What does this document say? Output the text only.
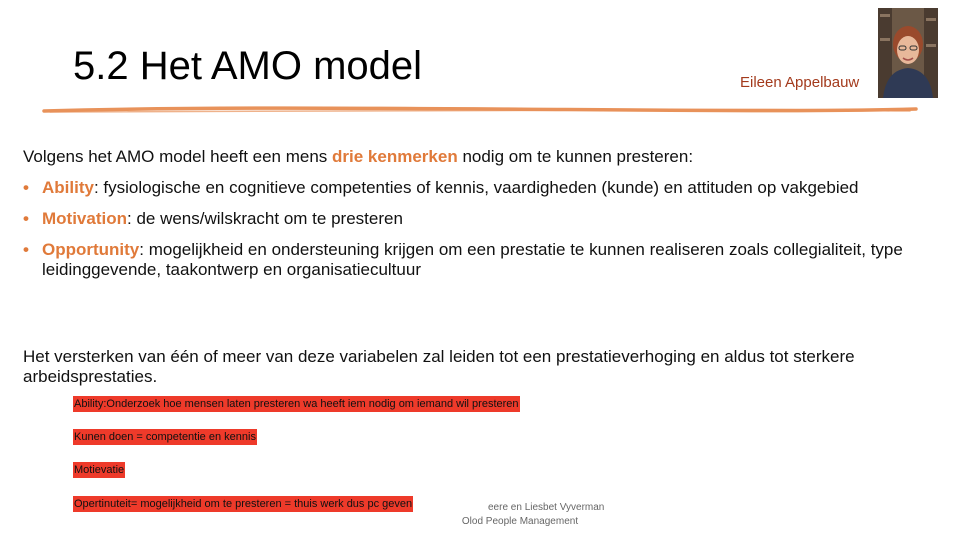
5.2 Het AMO model	Eileen Appelbauw
Volgens het AMO model heeft een mens drie kenmerken nodig om te kunnen presteren:
• Ability: fysiologische en cognitieve competenties of kennis, vaardigheden (kunde) en attituden op vakgebied
• Motivation: de wens/wilskracht om te presteren
• Opportunity: mogelijkheid en ondersteuning krijgen om een prestatie te kunnen realiseren zoals collegialiteit, type leidinggevende, taakontwerp en organisatiecultuur
Het versterken van één of meer van deze variabelen zal leiden tot een prestatieverhoging en aldus tot sterkere arbeidsprestaties.
Ability:Onderzoek hoe mensen laten presteren wa heeft iem nodig om iemand wil presteren
Kunen doen = competentie en kennis
Motievatie
eere en Liesbet Vyverman
Opertinuteit= mogelijkheid om te presteren = thuis werk dus pc geven
Olod People Management
